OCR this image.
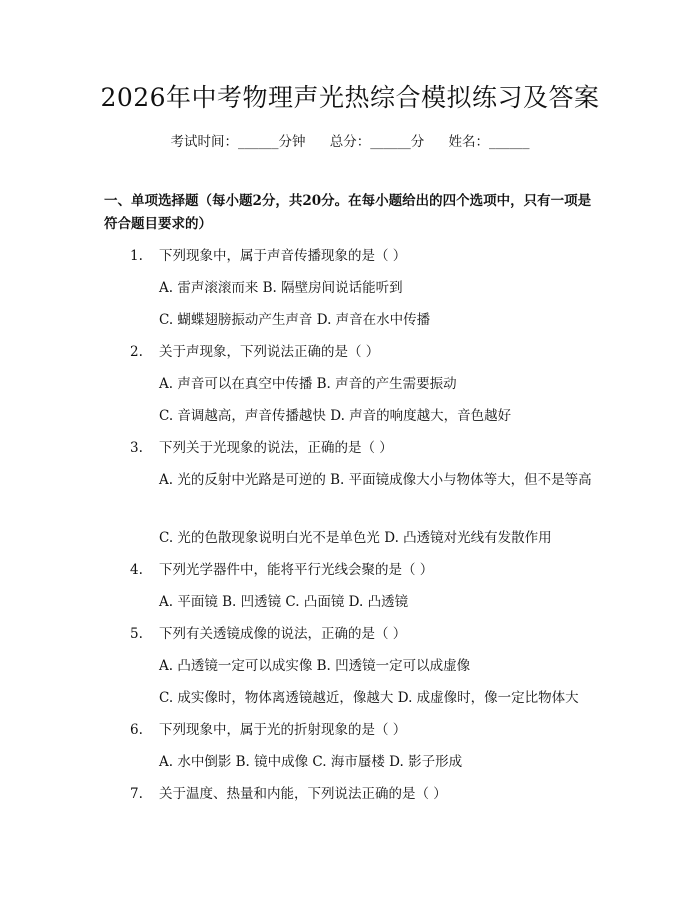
2026年中考物理声光热综合模拟练习及答案
考试时间：______分钟 总分：______分 姓名：______
一、单项选择题（每小题2分，共20分。在每小题给出的四个选项中，只有一项是符合题目要求的）
1. 下列现象中，属于声音传播现象的是（ ）
A. 雷声滚滚而来 B. 隔壁房间说话能听到
C. 蝴蝶翅膀振动产生声音 D. 声音在水中传播
2. 关于声现象，下列说法正确的是（ ）
A. 声音可以在真空中传播 B. 声音的产生需要振动
C. 音调越高，声音传播越快 D. 声音的响度越大，音色越好
3. 下列关于光现象的说法，正确的是（ ）
A. 光的反射中光路是可逆的 B. 平面镜成像大小与物体等大，但不是等高
C. 光的色散现象说明白光不是单色光 D. 凸透镜对光线有发散作用
4. 下列光学器件中，能将平行光线会聚的是（ ）
A. 平面镜 B. 凹透镜 C. 凸面镜 D. 凸透镜
5. 下列有关透镜成像的说法，正确的是（ ）
A. 凸透镜一定可以成实像 B. 凹透镜一定可以成虚像
C. 成实像时，物体离透镜越近，像越大 D. 成虚像时，像一定比物体大
6. 下列现象中，属于光的折射现象的是（ ）
A. 水中倒影 B. 镜中成像 C. 海市蜃楼 D. 影子形成
7. 关于温度、热量和内能，下列说法正确的是（ ）
